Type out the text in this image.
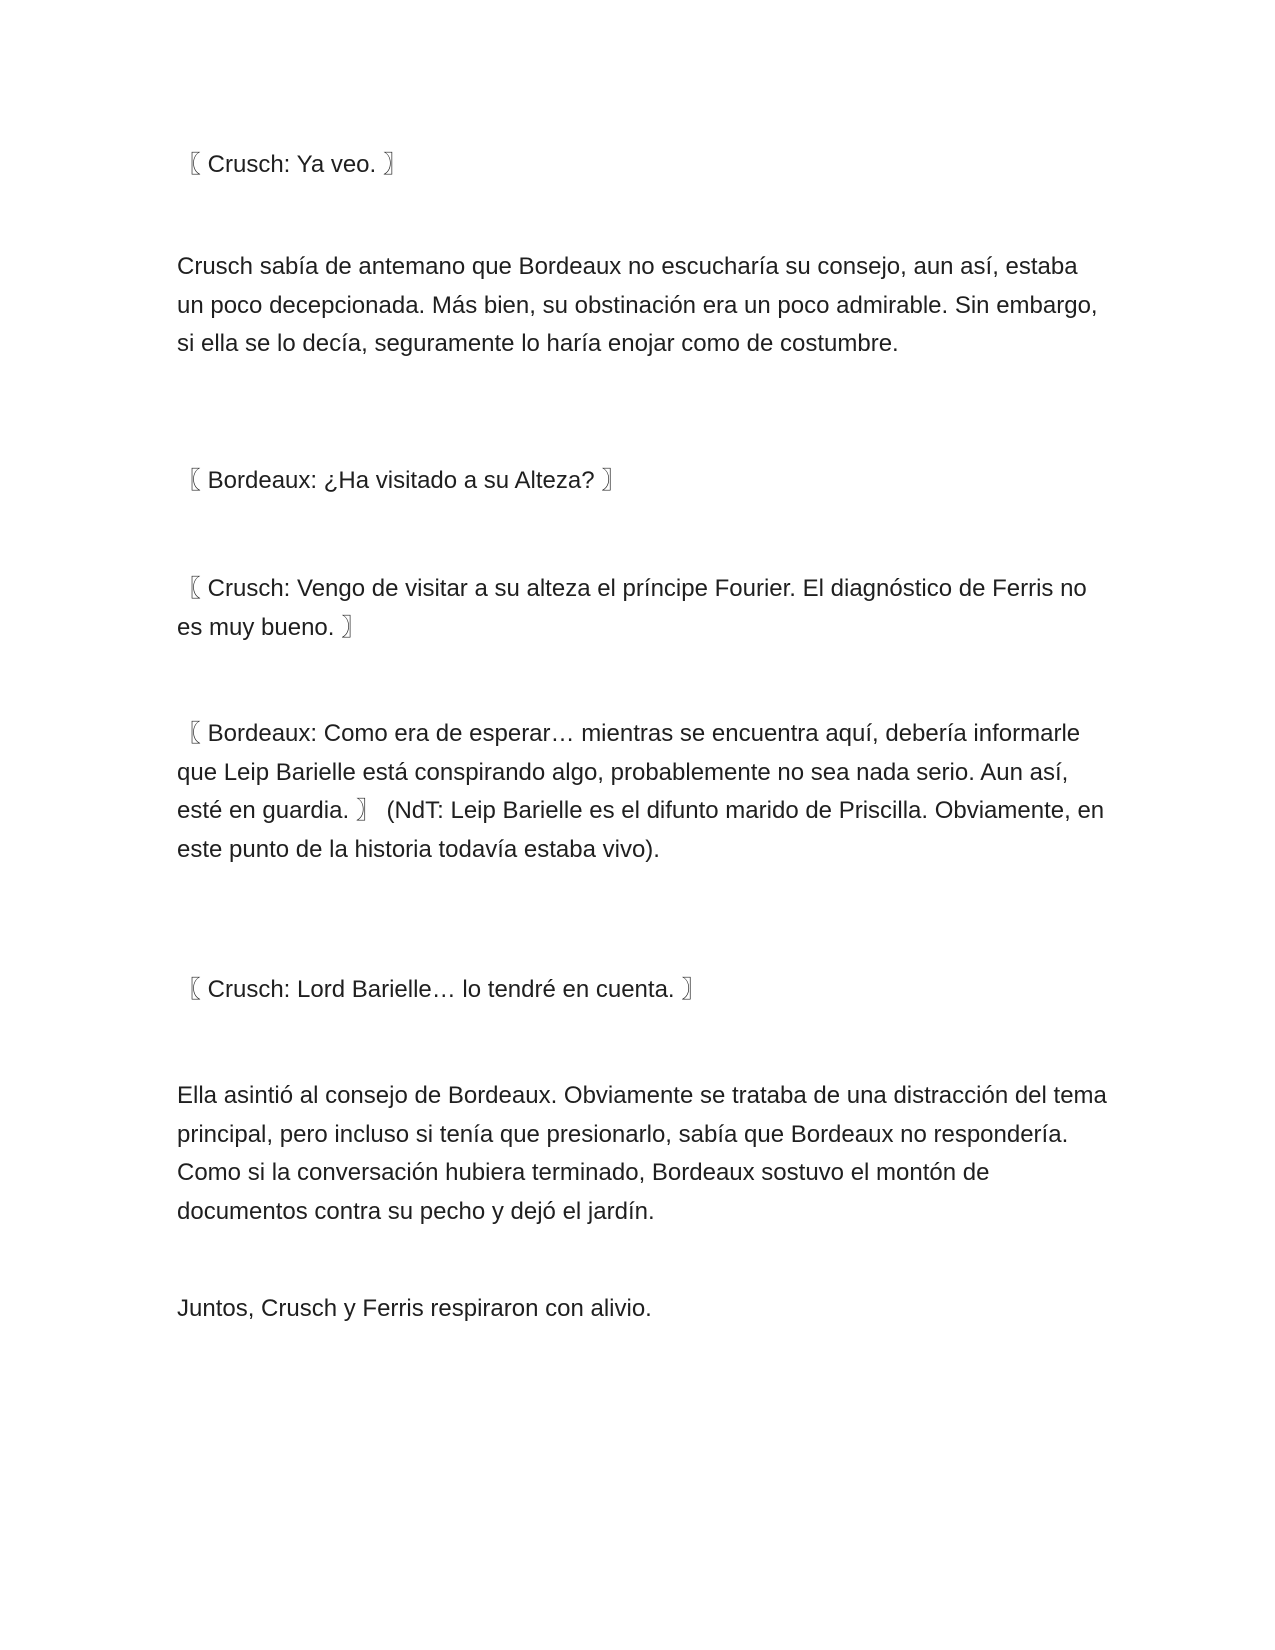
〖 Crusch: Ya veo. 〗

Crusch sabía de antemano que Bordeaux no escucharía su consejo, aun así, estaba un poco decepcionada. Más bien, su obstinación era un poco admirable. Sin embargo, si ella se lo decía, seguramente lo haría enojar como de costumbre.

〖 Bordeaux: ¿Ha visitado a su Alteza? 〗

〖 Crusch: Vengo de visitar a su alteza el príncipe Fourier. El diagnóstico de Ferris no es muy bueno. 〗

〖 Bordeaux: Como era de esperar… mientras se encuentra aquí, debería informarle que Leip Barielle está conspirando algo, probablemente no sea nada serio. Aun así, esté en guardia. 〗 (NdT: Leip Barielle es el difunto marido de Priscilla. Obviamente, en este punto de la historia todavía estaba vivo).

〖 Crusch: Lord Barielle… lo tendré en cuenta. 〗

Ella asintió al consejo de Bordeaux. Obviamente se trataba de una distracción del tema principal, pero incluso si tenía que presionarlo, sabía que Bordeaux no respondería. Como si la conversación hubiera terminado, Bordeaux sostuvo el montón de documentos contra su pecho y dejó el jardín.

Juntos, Crusch y Ferris respiraron con alivio.
